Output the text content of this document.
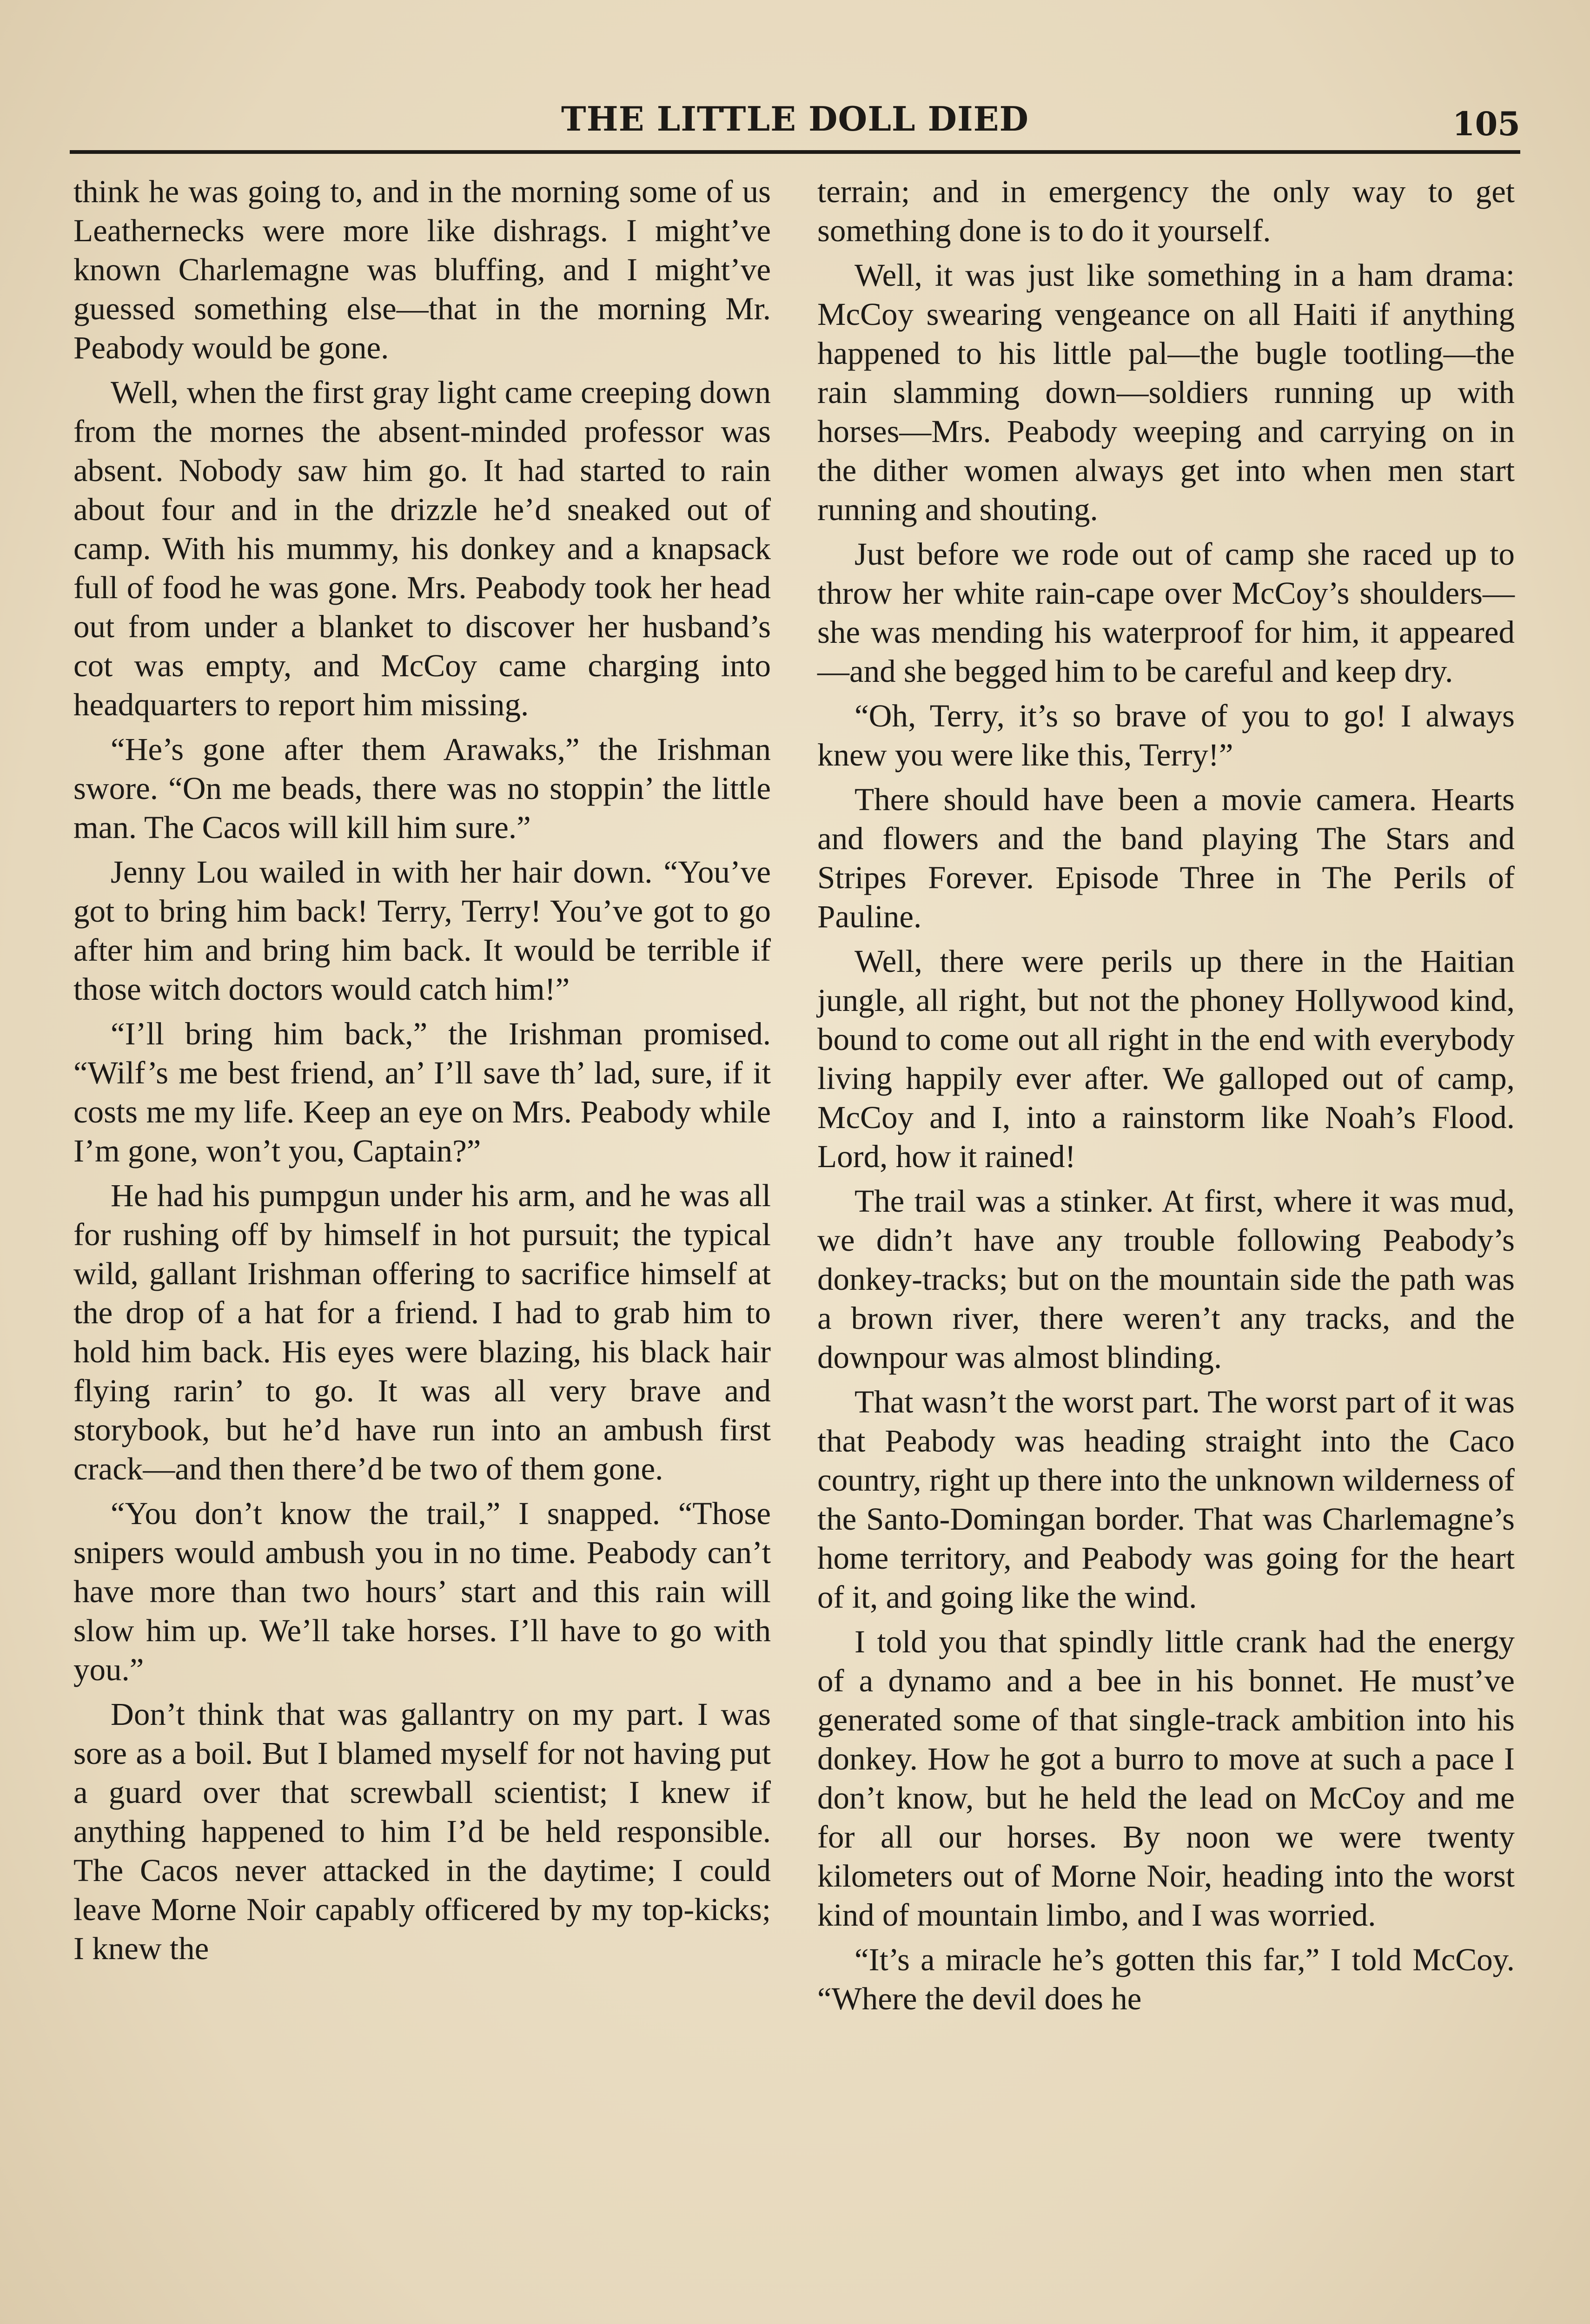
THE LITTLE DOLL DIED	105

think he was going to, and in the morning some of us Leathernecks were more like dishrags. I might’ve known Charlemagne was bluffing, and I might’ve guessed something else—that in the morning Mr. Peabody would be gone.

Well, when the first gray light came creeping down from the mornes the absent-minded professor was absent. Nobody saw him go. It had started to rain about four and in the drizzle he’d sneaked out of camp. With his mummy, his donkey and a knapsack full of food he was gone. Mrs. Peabody took her head out from under a blanket to discover her husband’s cot was empty, and McCoy came charging into headquarters to report him missing.

“He’s gone after them Arawaks,” the Irishman swore. “On me beads, there was no stoppin’ the little man. The Cacos will kill him sure.”

Jenny Lou wailed in with her hair down. “You’ve got to bring him back! Terry, Terry! You’ve got to go after him and bring him back. It would be terrible if those witch doctors would catch him!”

“I’ll bring him back,” the Irishman promised. “Wilf’s me best friend, an’ I’ll save th’ lad, sure, if it costs me my life. Keep an eye on Mrs. Peabody while I’m gone, won’t you, Captain?”

He had his pumpgun under his arm, and he was all for rushing off by himself in hot pursuit; the typical wild, gallant Irishman offering to sacrifice himself at the drop of a hat for a friend. I had to grab him to hold him back. His eyes were blazing, his black hair flying rarin’ to go. It was all very brave and storybook, but he’d have run into an ambush first crack—and then there’d be two of them gone.

“You don’t know the trail,” I snapped. “Those snipers would ambush you in no time. Peabody can’t have more than two hours’ start and this rain will slow him up. We’ll take horses. I’ll have to go with you.”

Don’t think that was gallantry on my part. I was sore as a boil. But I blamed myself for not having put a guard over that screwball scientist; I knew if anything happened to him I’d be held responsible. The Cacos never attacked in the daytime; I could leave Morne Noir capably officered by my top-kicks; I knew the

terrain; and in emergency the only way to get something done is to do it yourself.

Well, it was just like something in a ham drama: McCoy swearing vengeance on all Haiti if anything happened to his little pal—the bugle tootling—the rain slamming down—soldiers running up with horses—Mrs. Peabody weeping and carrying on in the dither women always get into when men start running and shouting.

Just before we rode out of camp she raced up to throw her white rain-cape over McCoy’s shoulders—she was mending his waterproof for him, it appeared—and she begged him to be careful and keep dry.

“Oh, Terry, it’s so brave of you to go! I always knew you were like this, Terry!”

There should have been a movie camera. Hearts and flowers and the band playing The Stars and Stripes Forever. Episode Three in The Perils of Pauline.

Well, there were perils up there in the Haitian jungle, all right, but not the phoney Hollywood kind, bound to come out all right in the end with everybody living happily ever after. We galloped out of camp, McCoy and I, into a rainstorm like Noah’s Flood. Lord, how it rained!

The trail was a stinker. At first, where it was mud, we didn’t have any trouble following Peabody’s donkey-tracks; but on the mountain side the path was a brown river, there weren’t any tracks, and the downpour was almost blinding.

That wasn’t the worst part. The worst part of it was that Peabody was heading straight into the Caco country, right up there into the unknown wilderness of the Santo-Domingan border. That was Charlemagne’s home territory, and Peabody was going for the heart of it, and going like the wind.

I told you that spindly little crank had the energy of a dynamo and a bee in his bonnet. He must’ve generated some of that single-track ambition into his donkey. How he got a burro to move at such a pace I don’t know, but he held the lead on McCoy and me for all our horses. By noon we were twenty kilometers out of Morne Noir, heading into the worst kind of mountain limbo, and I was worried.

“It’s a miracle he’s gotten this far,” I told McCoy. “Where the devil does he
